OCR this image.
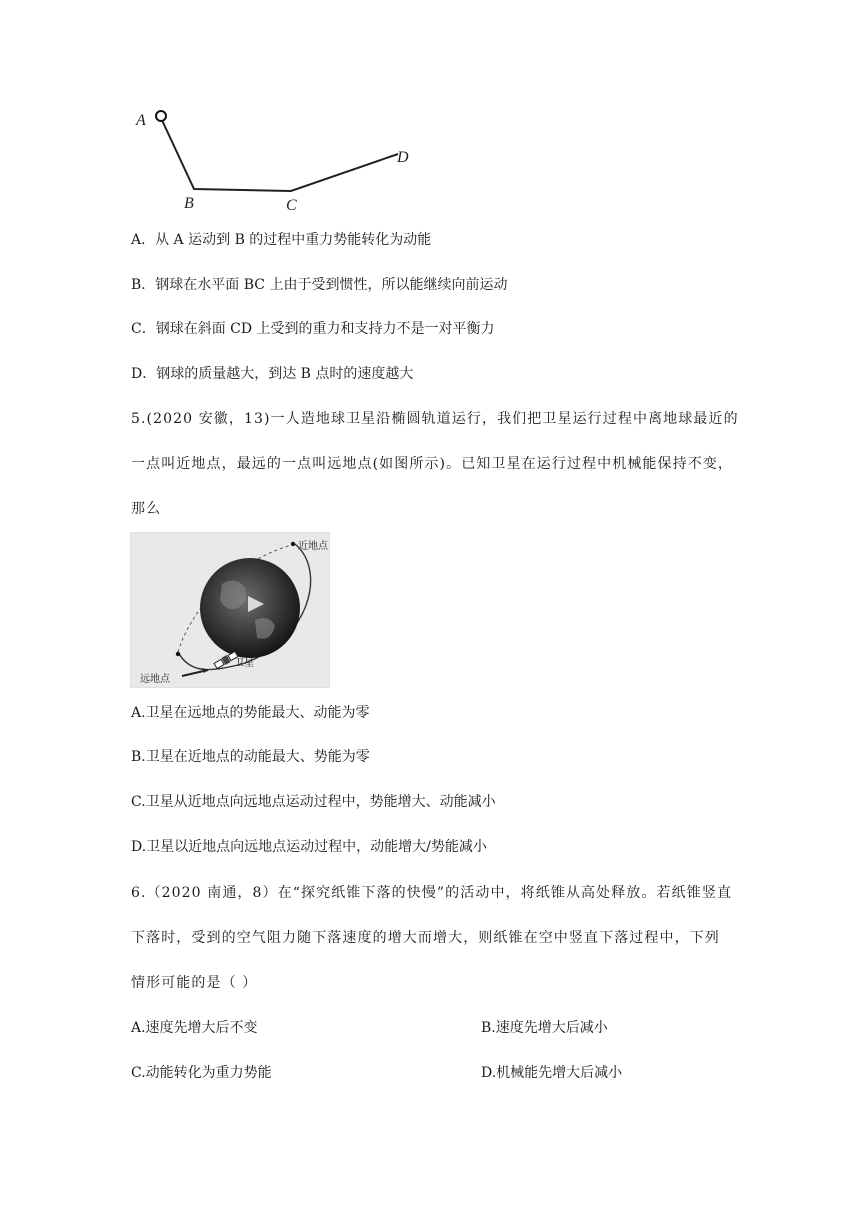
A
B	C
D

A．从 A 运动到 B 的过程中重力势能转化为动能

B．钢球在水平面 BC 上由于受到惯性，所以能继续向前运动

C．钢球在斜面 CD 上受到的重力和支持力不是一对平衡力

D．钢球的质量越大，到达 B 点时的速度越大

5.(2020 安徽，13)一人造地球卫星沿椭圆轨道运行，我们把卫星运行过程中离地球最近的

一点叫近地点，最远的一点叫远地点(如图所示)。已知卫星在运行过程中机械能保持不变，

那么

近地点
远地点
卫星

A.卫星在远地点的势能最大、动能为零

B.卫星在近地点的动能最大、势能为零

C.卫星从近地点向远地点运动过程中，势能增大、动能减小

D.卫星以近地点向远地点运动过程中，动能增大/势能减小

6.（2020 南通，8）在“探究纸锥下落的快慢”的活动中，将纸锥从高处释放。若纸锥竖直

下落时，受到的空气阻力随下落速度的增大而增大，则纸锥在空中竖直下落过程中，下列

情形可能的是（ ）

A.速度先增大后不变	B.速度先增大后减小

C.动能转化为重力势能	D.机械能先增大后减小
